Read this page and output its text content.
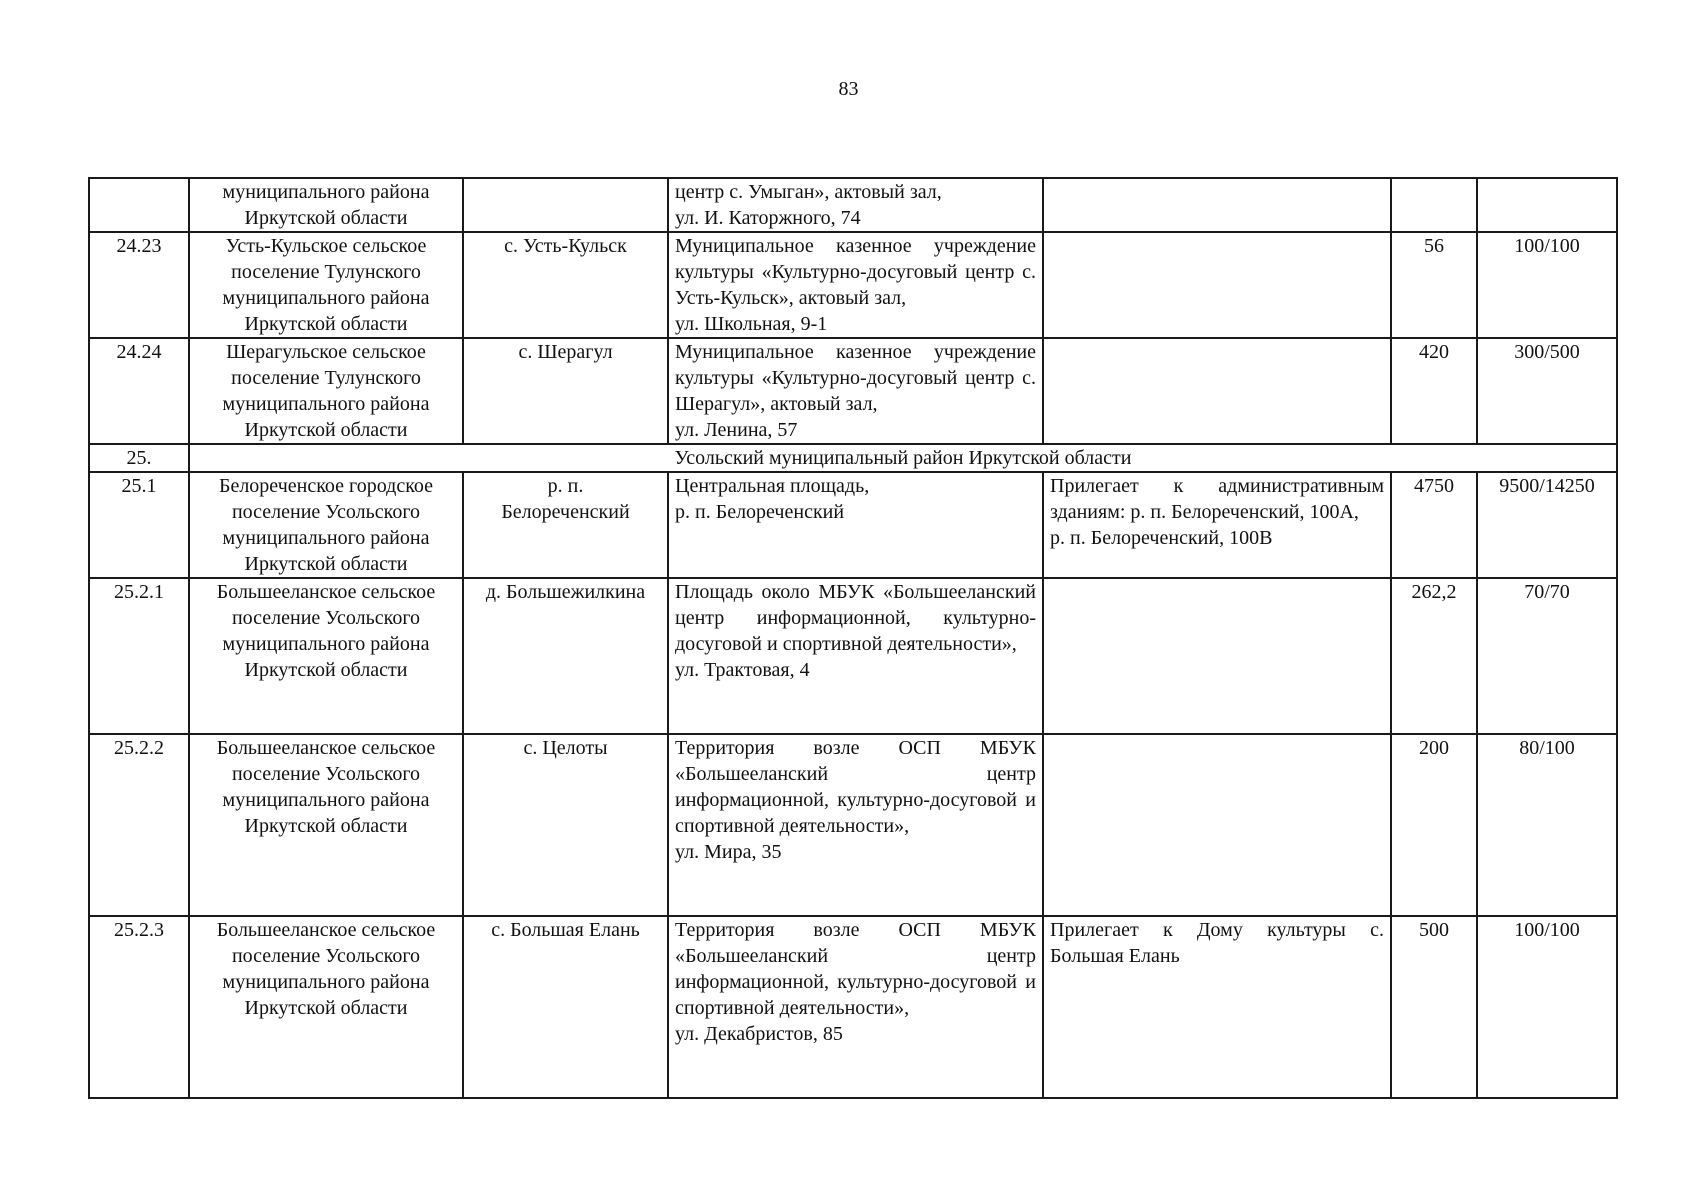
83
	муниципального района
Иркутской области		центр с. Умыган», актовый зал,
ул. И. Каторжного, 74			
24.23	Усть-Кульское сельское
поселение Тулунского
муниципального района
Иркутской области	с. Усть-Кульск	Муниципальное казенное учреждение культуры «Культурно-досуговый центр с. Усть-Кульск», актовый зал,
ул. Школьная, 9-1		56	100/100
24.24	Шерагульское сельское
поселение Тулунского
муниципального района
Иркутской области	с. Шерагул	Муниципальное казенное учреждение культуры «Культурно-досуговый центр с. Шерагул», актовый зал,
ул. Ленина, 57		420	300/500
25.	Усольский муниципальный район Иркутской области					
25.1	Белореченское городское
поселение Усольского
муниципального района
Иркутской области	р. п.
Белореченский	Центральная площадь,
р. п. Белореченский	Прилегает к административным зданиям: р. п. Белореченский, 100А,
р. п. Белореченский, 100В	4750	9500/14250
25.2.1	Большееланское сельское
поселение Усольского
муниципального района
Иркутской области	д. Большежилкина	Площадь около МБУК «Большееланский центр информационной, культурно-досуговой и спортивной деятельности»,
ул. Трактовая, 4		262,2	70/70
25.2.2	Большееланское сельское
поселение Усольского
муниципального района
Иркутской области	с. Целоты	Территория возле ОСП МБУК «Большееланский центр информационной, культурно-досуговой и спортивной деятельности»,
ул. Мира, 35		200	80/100
25.2.3	Большееланское сельское
поселение Усольского
муниципального района
Иркутской области	с. Большая Елань	Территория возле ОСП МБУК «Большееланский центр информационной, культурно-досуговой и спортивной деятельности»,
ул. Декабристов, 85	Прилегает к Дому культуры с. Большая Елань	500	100/100
